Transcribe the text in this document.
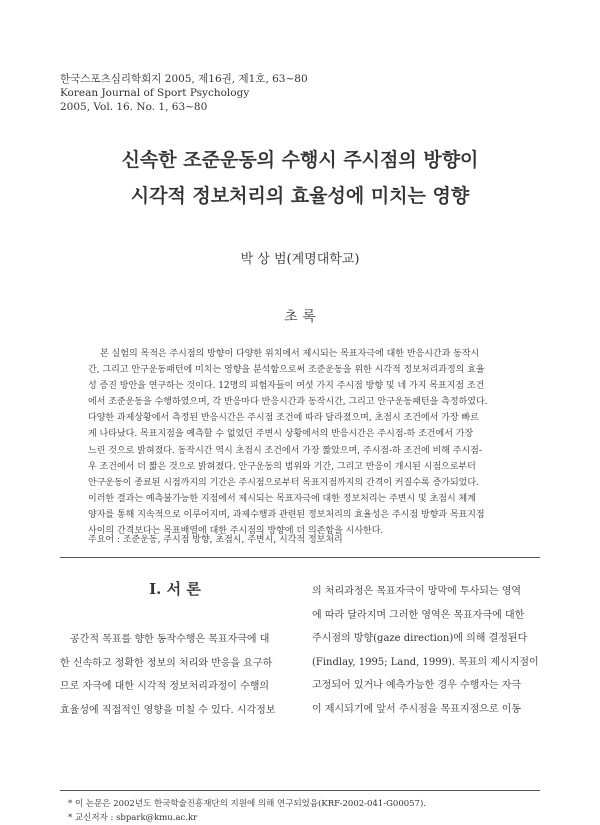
한국스포츠심리학회지 2005, 제16권, 제1호, 63~80
Korean Journal of Sport Psychology
2005, Vol. 16. No. 1, 63~80
신속한 조준운동의 수행시 주시점의 방향이
시각적 정보처리의 효율성에 미치는 영향
박 상 범(계명대학교)
초 록

본 실험의 목적은 주시점의 방향이 다양한 위치에서 제시되는 목표자극에 대한 반응시간과 동작시

간, 그리고 안구운동패턴에 미치는 영향을 분석함으로써 조준운동을 위한 시각적 정보처리과정의 효율

성 증진 방안을 연구하는 것이다. 12명의 피험자들이 여섯 가지 주시점 방향 및 네 가지 목표지점 조건

에서 조준운동을 수행하였으며, 각 반응마다 반응시간과 동작시간, 그리고 안구운동패턴을 측정하였다.

다양한 과제상황에서 측정된 반응시간은 주시점 조건에 따라 달라졌으며, 초점시 조건에서 가장 빠르

게 나타났다. 목표지점을 예측할 수 없었던 주변시 상황에서의 반응시간은 주시점-하 조건에서 가장

느린 것으로 밝혀졌다. 동작시간 역시 초점시 조건에서 가장 짧았으며, 주시점-하 조건에 비해 주시점-

우 조건에서 더 짧은 것으로 밝혀졌다. 안구운동의 범위와 기간, 그리고 반응이 개시된 시점으로부터

안구운동이 종료된 시점까지의 기간은 주시점으로부터 목표지점까지의 간격이 커질수록 증가되었다.

이러한 결과는 예측불가능한 지점에서 제시되는 목표자극에 대한 정보처리는 주변시 및 초점시 체계

양자를 통해 지속적으로 이루어지며, 과제수행과 관련된 정보처리의 효율성은 주시점 방향과 목표지점

사이의 간격보다는 목표배열에 대한 주시점의 방향에 더 의존함을 시사한다.

주요어 : 조준운동, 주시점 방향, 초점시, 주변시, 시각적 정보처리
I. 서 론
공간적 목표를 향한 동작수행은 목표자극에 대
한 신속하고 정확한 정보의 처리와 반응을 요구하
므로 자극에 대한 시각적 정보처리과정이 수행의
효율성에 직접적인 영향을 미칠 수 있다. 시각정보
의 처리과정은 목표자극이 망막에 투사되는 영역
에 따라 달라지며 그러한 영역은 목표자극에 대한
주시점의 방향(gaze direction)에 의해 결정된다
(Findlay, 1995; Land, 1999). 목표의 제시지점이
고정되어 있거나 예측가능한 경우 수행자는 자극
이 제시되기에 앞서 주시점을 목표지점으로 이동
* 이 논문은 2002년도 한국학술진흥재단의 지원에 의해 연구되었음(KRF-2002-041-G00057).
* 교신저자 : sbpark@kmu.ac.kr
